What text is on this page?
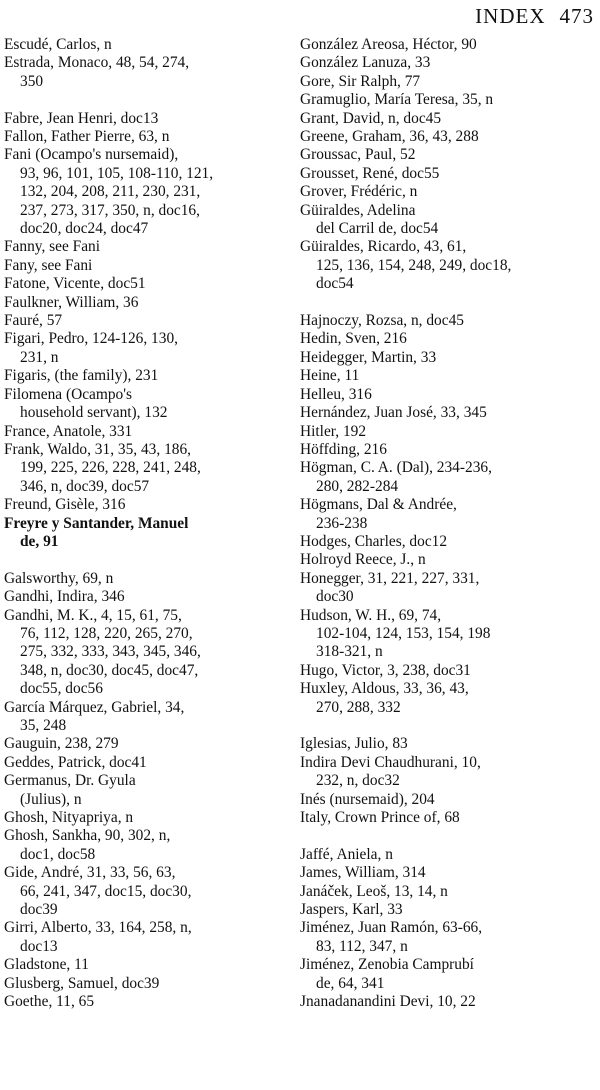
INDEX 473
Escudé, Carlos, n
Estrada, Monaco, 48, 54, 274,
350
Fabre, Jean Henri, doc13
Fallon, Father Pierre, 63, n
Fani (Ocampo's nursemaid),
93, 96, 101, 105, 108-110, 121,
132, 204, 208, 211, 230, 231,
237, 273, 317, 350, n, doc16,
doc20, doc24, doc47
Fanny, see Fani
Fany, see Fani
Fatone, Vicente, doc51
Faulkner, William, 36
Fauré, 57
Figari, Pedro, 124-126, 130,
231, n
Figaris, (the family), 231
Filomena (Ocampo's
household servant), 132
France, Anatole, 331
Frank, Waldo, 31, 35, 43, 186,
199, 225, 226, 228, 241, 248,
346, n, doc39, doc57
Freund, Gisèle, 316
Freyre y Santander, Manuel
de, 91
Galsworthy, 69, n
Gandhi, Indira, 346
Gandhi, M. K., 4, 15, 61, 75,
76, 112, 128, 220, 265, 270,
275, 332, 333, 343, 345, 346,
348, n, doc30, doc45, doc47,
doc55, doc56
García Márquez, Gabriel, 34,
35, 248
Gauguin, 238, 279
Geddes, Patrick, doc41
Germanus, Dr. Gyula
(Julius), n
Ghosh, Nityapriya, n
Ghosh, Sankha, 90, 302, n,
doc1, doc58
Gide, André, 31, 33, 56, 63,
66, 241, 347, doc15, doc30,
doc39
Girri, Alberto, 33, 164, 258, n,
doc13
Gladstone, 11
Glusberg, Samuel, doc39
Goethe, 11, 65
González Areosa, Héctor, 90
González Lanuza, 33
Gore, Sir Ralph, 77
Gramuglio, María Teresa, 35, n
Grant, David, n, doc45
Greene, Graham, 36, 43, 288
Groussac, Paul, 52
Grousset, René, doc55
Grover, Frédéric, n
Güiraldes, Adelina
del Carril de, doc54
Güiraldes, Ricardo, 43, 61,
125, 136, 154, 248, 249, doc18,
doc54
Hajnoczy, Rozsa, n, doc45
Hedin, Sven, 216
Heidegger, Martin, 33
Heine, 11
Helleu, 316
Hernández, Juan José, 33, 345
Hitler, 192
Höffding, 216
Högman, C. A. (Dal), 234-236,
280, 282-284
Högmans, Dal & Andrée,
236-238
Hodges, Charles, doc12
Holroyd Reece, J., n
Honegger, 31, 221, 227, 331,
doc30
Hudson, W. H., 69, 74,
102-104, 124, 153, 154, 198
318-321, n
Hugo, Victor, 3, 238, doc31
Huxley, Aldous, 33, 36, 43,
270, 288, 332
Iglesias, Julio, 83
Indira Devi Chaudhurani, 10,
232, n, doc32
Inés (nursemaid), 204
Italy, Crown Prince of, 68
Jaffé, Aniela, n
James, William, 314
Janáček, Leoš, 13, 14, n
Jaspers, Karl, 33
Jiménez, Juan Ramón, 63-66,
83, 112, 347, n
Jiménez, Zenobia Camprubí
de, 64, 341
Jnanadanandini Devi, 10, 22
